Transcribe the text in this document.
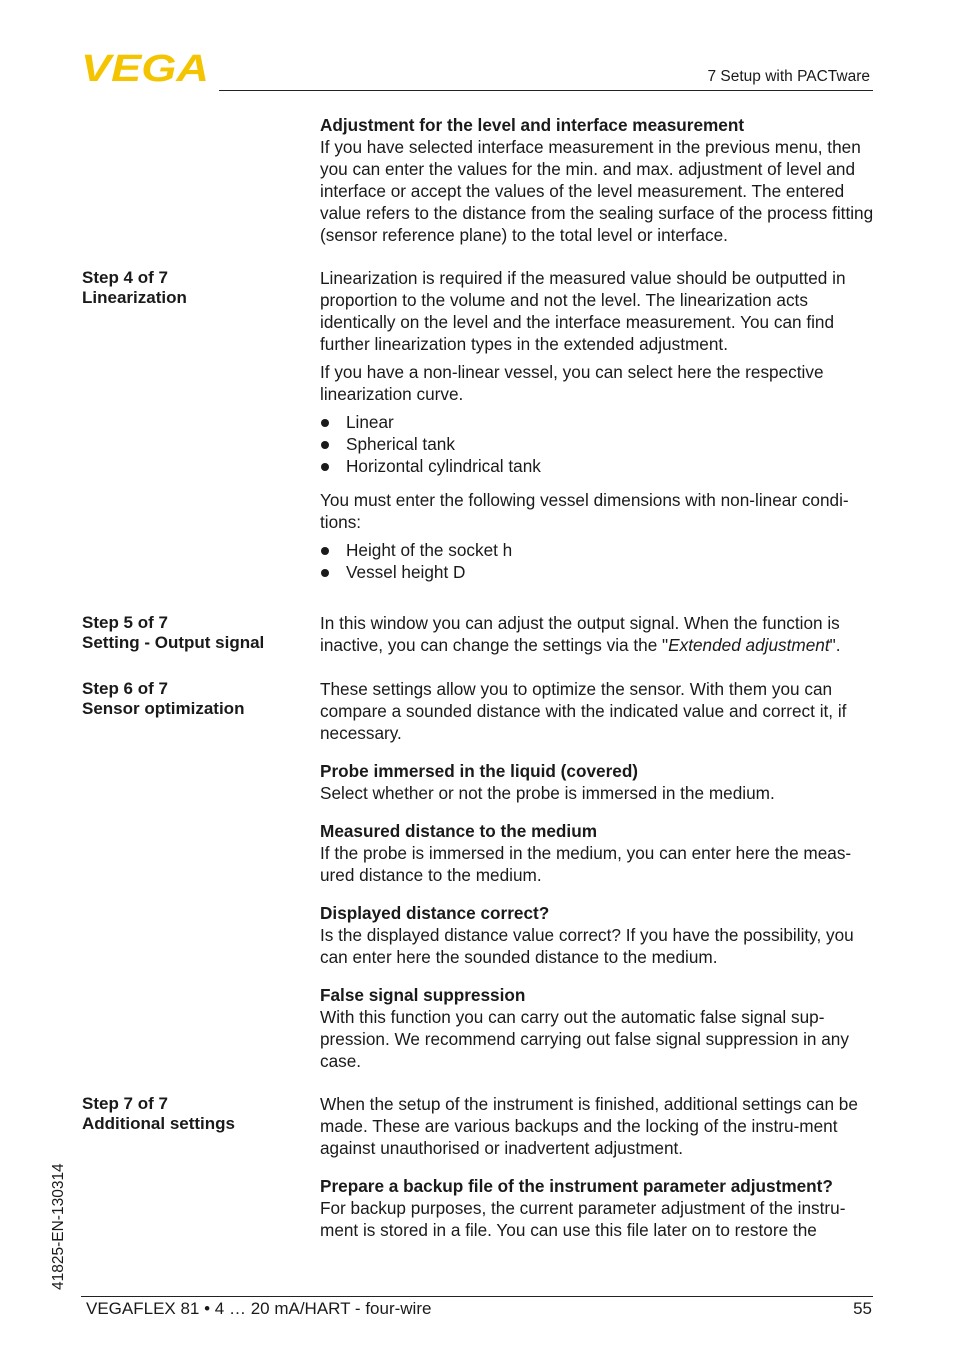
VEGA	7 Setup with PACTware

Adjustment for the level and interface measurement

If you have selected interface measurement in the previous menu, then you can enter the values for the min. and max. adjustment of level and interface or accept the values of the level measurement. The entered value refers to the distance from the sealing surface of the process fitting (sensor reference plane) to the total level or interface.

Step 4 of 7
Linearization

Linearization is required if the measured value should be outputted in proportion to the volume and not the level. The linearization acts identically on the level and the interface measurement. You can find further linearization types in the extended adjustment.

If you have a non-linear vessel, you can select here the respective linearization curve.

Linear
Spherical tank
Horizontal cylindrical tank

You must enter the following vessel dimensions with non-linear condi-tions:

Height of the socket h
Vessel height D
Step 5 of 7
Setting - Output signal

In this window you can adjust the output signal. When the function is inactive, you can change the settings via the "Extended adjustment".

Step 6 of 7
Sensor optimization

These settings allow you to optimize the sensor. With them you can compare a sounded distance with the indicated value and correct it, if necessary.

Probe immersed in the liquid (covered)

Select whether or not the probe is immersed in the medium.

Measured distance to the medium

If the probe is immersed in the medium, you can enter here the meas-ured distance to the medium.

Displayed distance correct?

Is the displayed distance value correct? If you have the possibility, you can enter here the sounded distance to the medium.

False signal suppression

With this function you can carry out the automatic false signal sup-pression. We recommend carrying out false signal suppression in any case.

Step 7 of 7
Additional settings

When the setup of the instrument is finished, additional settings can be made. These are various backups and the locking of the instru-ment against unauthorised or inadvertent adjustment.

Prepare a backup file of the instrument parameter adjustment?

For backup purposes, the current parameter adjustment of the instru-ment is stored in a file. You can use this file later on to restore the

41825-EN-130314
VEGAFLEX 81 • 4 … 20 mA/HART - four-wire	55
